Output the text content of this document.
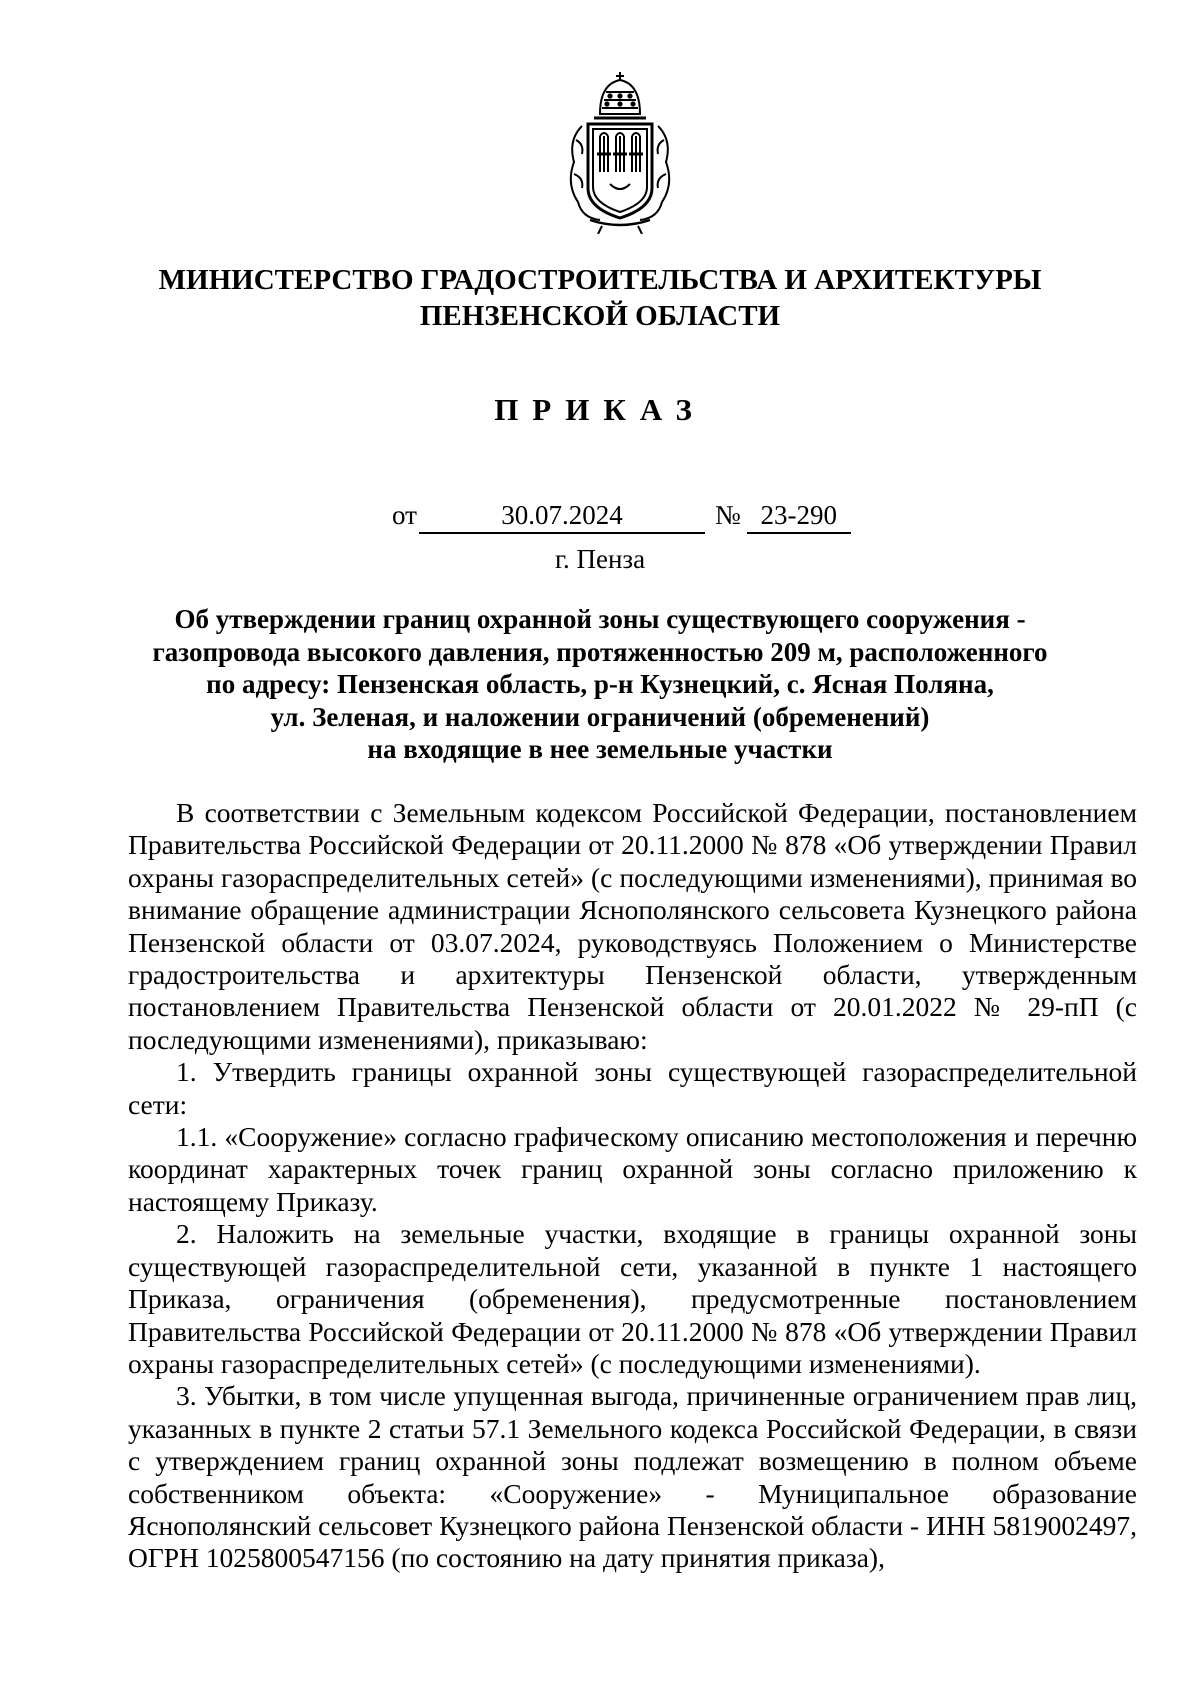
МИНИСТЕРСТВО ГРАДОСТРОИТЕЛЬСТВА И АРХИТЕКТУРЫ
ПЕНЗЕНСКОЙ ОБЛАСТИ
ПРИКАЗ
от	30.07.2024	№ 23-290
г. Пенза
Об утверждении границ охранной зоны существующего сооружения -
газопровода высокого давления, протяженностью 209 м, расположенного
по адресу: Пензенская область, р-н Кузнецкий, с. Ясная Поляна,
ул. Зеленая, и наложении ограничений (обременений)
на входящие в нее земельные участки

В соответствии с Земельным кодексом Российской Федерации, постановлением Правительства Российской Федерации от 20.11.2000 № 878 «Об утверждении Правил охраны газораспределительных сетей» (с последующими изменениями), принимая во внимание обращение администрации Яснополянского сельсовета Кузнецкого района Пензенской области от 03.07.2024, руководствуясь Положением о Министерстве градостроительства и архитектуры Пензенской области, утвержденным постановлением Правительства Пензенской области от 20.01.2022 № 29-пП (с последующими изменениями), приказываю:

1. Утвердить границы охранной зоны существующей газораспределительной сети:

1.1. «Сооружение» согласно графическому описанию местоположения и перечню координат характерных точек границ охранной зоны согласно приложению к настоящему Приказу.

2. Наложить на земельные участки, входящие в границы охранной зоны существующей газораспределительной сети, указанной в пункте 1 настоящего Приказа, ограничения (обременения), предусмотренные постановлением Правительства Российской Федерации от 20.11.2000 № 878 «Об утверждении Правил охраны газораспределительных сетей» (с последующими изменениями).

3. Убытки, в том числе упущенная выгода, причиненные ограничением прав лиц, указанных в пункте 2 статьи 57.1 Земельного кодекса Российской Федерации, в связи с утверждением границ охранной зоны подлежат возмещению в полном объеме собственником объекта: «Сооружение» - Муниципальное образование Яснополянский сельсовет Кузнецкого района Пензенской области - ИНН 5819002497, ОГРН 1025800547156 (по состоянию на дату принятия приказа),
